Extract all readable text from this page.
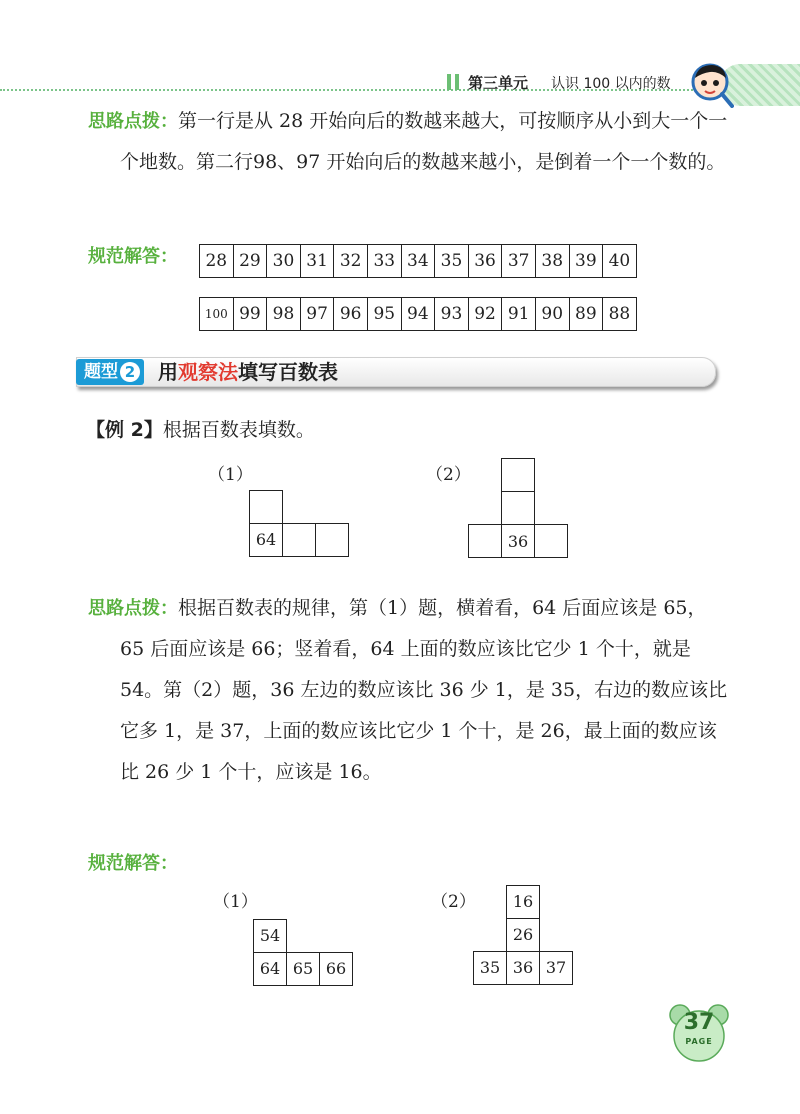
第三单元 认识 100 以内的数
思路点拨：第一行是从 28 开始向后的数越来越大，可按顺序从小到大一个一个地数。第二行98、97 开始向后的数越来越小，是倒着一个一个数的。
规范解答： 28	29	30	31	32	33	34	35	36	37	38	39	40
100	99	98	97	96	95	94	93	92	91	90	89	88
题型 2	用观察法填写百数表
【例 2】根据百数表填数。
（1）	（2）
64	36
思路点拨：根据百数表的规律，第（1）题，横着看，64 后面应该是 65，65 后面应该是 66；竖着看，64 上面的数应该比它少 1 个十，就是 54。第（2）题，36 左边的数应该比 36 少 1，是 35，右边的数应该比它多 1，是 37，上面的数应该比它少 1 个十，是 26，最上面的数应该比 26 少 1 个十，应该是 16。
规范解答：
（1）	（2）
54
64 65 66
16
26
35 36 37
37
PAGE
